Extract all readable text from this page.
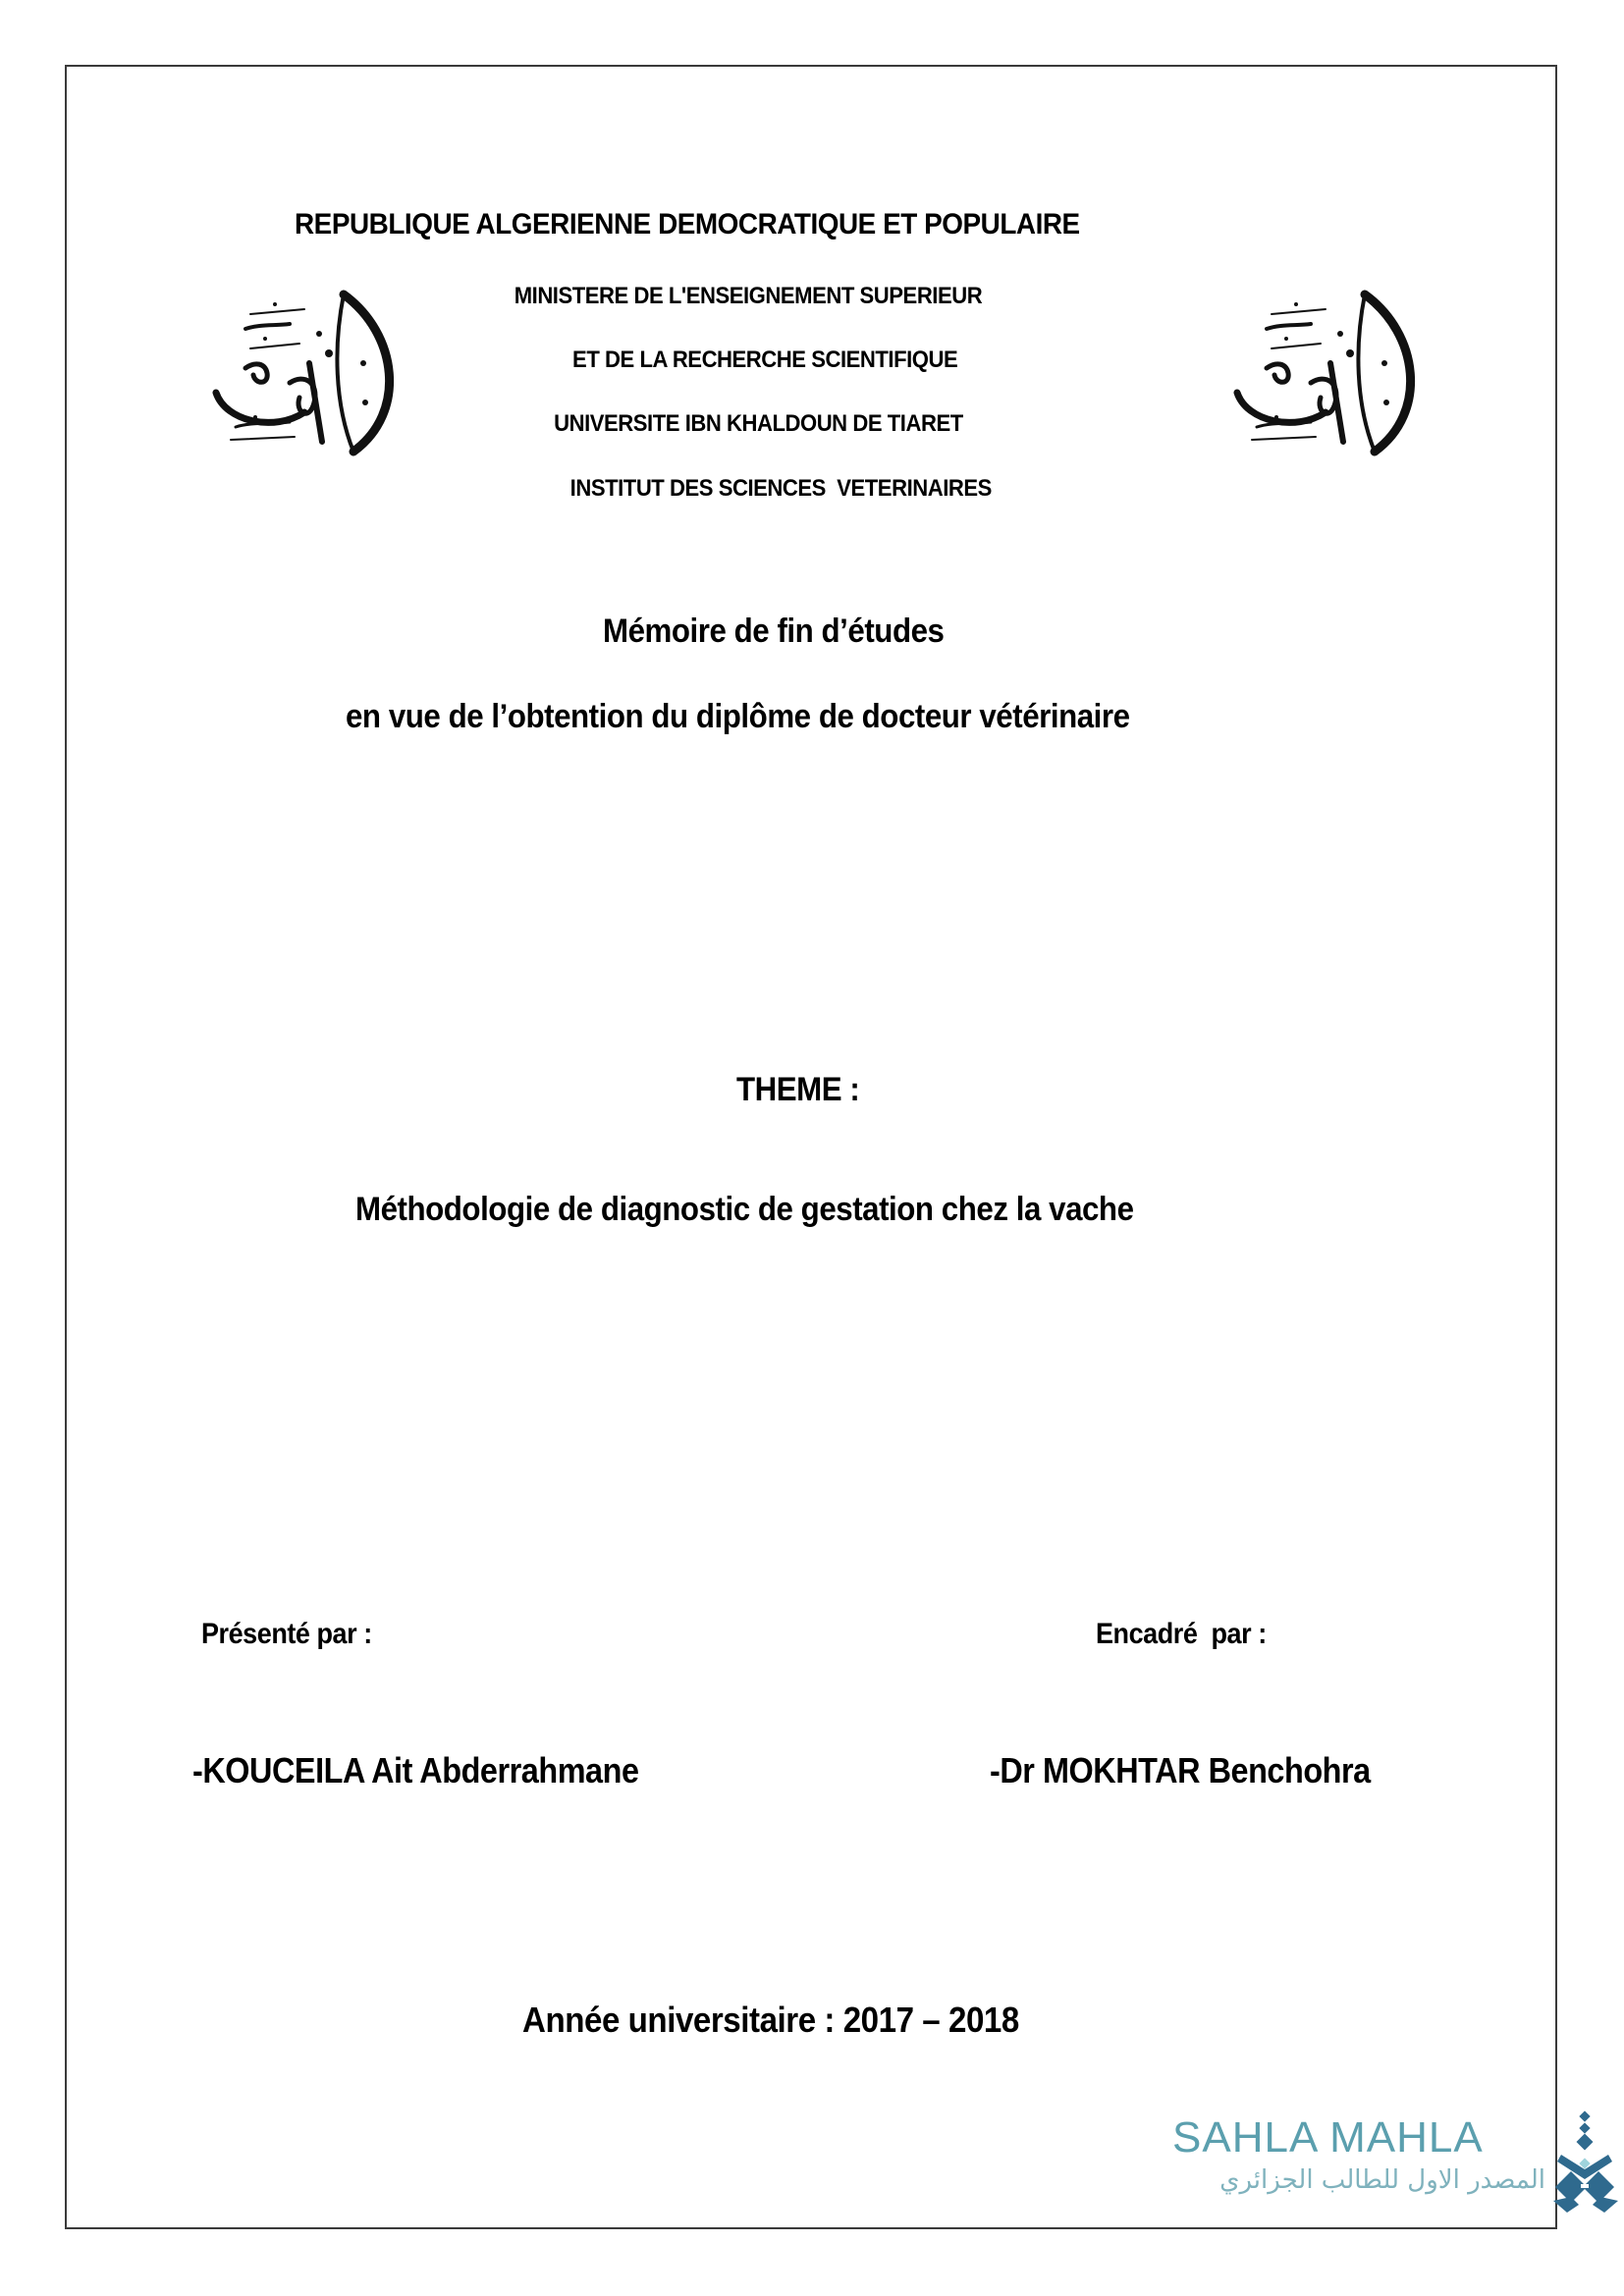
REPUBLIQUE ALGERIENNE DEMOCRATIQUE ET POPULAIRE
MINISTERE DE L'ENSEIGNEMENT SUPERIEUR
ET DE LA RECHERCHE SCIENTIFIQUE
UNIVERSITE IBN KHALDOUN DE TIARET
INSTITUT DES SCIENCES  VETERINAIRES
Mémoire de fin d’études
en vue de l’obtention du diplôme de docteur vétérinaire
THEME :
Méthodologie de diagnostic de gestation chez la vache
Présenté par :	Encadré  par :
-KOUCEILA Ait Abderrahmane	-Dr MOKHTAR Benchohra
Année universitaire : 2017 – 2018
SAHLA MAHLA
المصدر الاول للطالب الجزائري
